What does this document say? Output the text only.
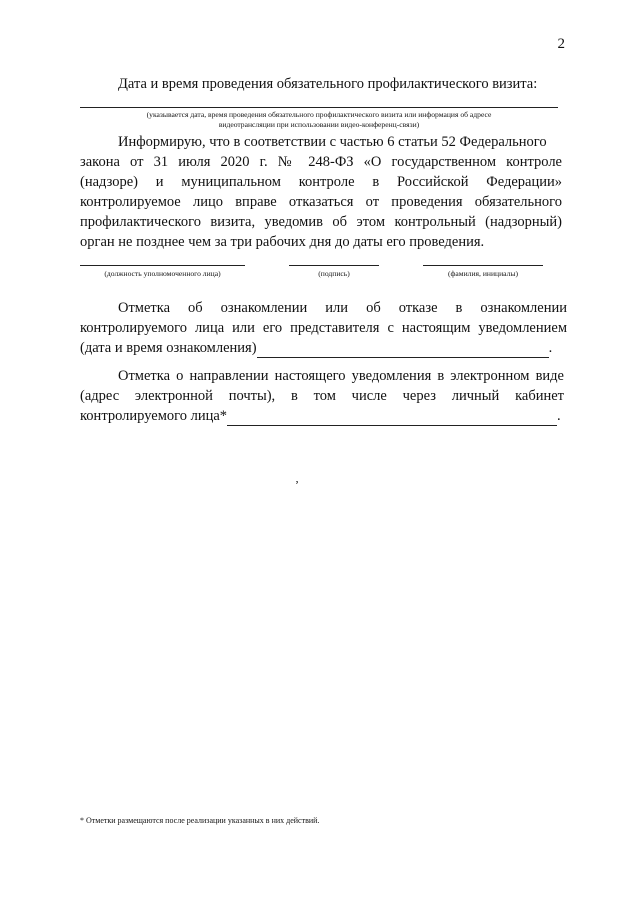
2
Дата и время проведения обязательного профилактического визита:
(указывается дата, время проведения обязательного профилактического визита или информация об адресе
видеотрансляции при использовании видео-конференц-связи)
Информирую, что в соответствии с частью 6 статьи 52 Федерального
закона от 31 июля 2020 г. № 248-ФЗ «О государственном контроле
(надзоре) и муниципальном контроле в Российской Федерации»
контролируемое лицо вправе отказаться от проведения обязательного
профилактического визита, уведомив об этом контрольный (надзорный)
орган не позднее чем за три рабочих дня до даты его проведения.
(должность уполномоченного лица)	(подпись)	(фамилия, инициалы)
Отметка об ознакомлении или об отказе в ознакомлении
контролируемого лица или его представителя с настоящим уведомлением
(дата и время ознакомления)	.
Отметка о направлении настоящего уведомления в электронном виде
(адрес электронной почты), в том числе через личный кабинет
контролируемого лица*	.
ʼ
* Отметки размещаются после реализации указанных в них действий.
